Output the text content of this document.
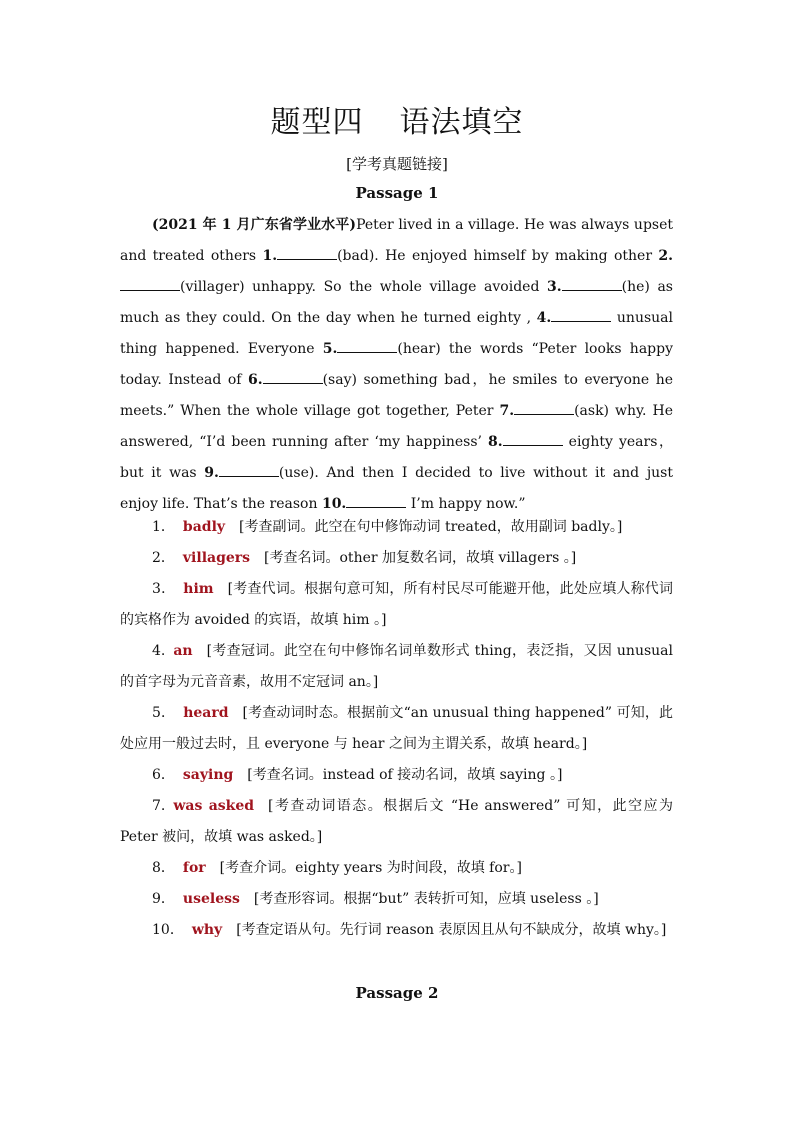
题型四 语法填空
[学考真题链接]
Passage 1

(2021 年 1 月广东省学业水平)Peter lived in a village. He was always upset and treated others 1.	(bad). He enjoyed himself by making other 2.(villager) unhappy. So the whole village avoided 3.	(he) as much as they could. On the day when he turned eighty , 4.	unusual thing happened. Everyone 5.	(hear) the words “Peter looks happy today. Instead of 6.	(say) something bad，he smiles to everyone he meets.” When the whole village got together, Peter 7.	(ask) why. He answered, “I’d been running after ‘my happiness’ 8.	eighty years，but it was 9.	(use). And then I decided to live without it and just enjoy life. That’s the reason 10.	I’m happy now.”

1． badly [考查副词。此空在句中修饰动词 treated，故用副词 badly。]

2． villagers [考查名词。other 加复数名词，故填 villagers 。]

3． him [考查代词。根据句意可知，所有村民尽可能避开他，此处应填人称代词的宾格作为 avoided 的宾语，故填 him 。]

4. an [考查冠词。此空在句中修饰名词单数形式 thing，表泛指，又因 unusual 的首字母为元音音素，故用不定冠词 an。]

5． heard [考查动词时态。根据前文“an unusual thing happened” 可知，此处应用一般过去时，且 everyone 与 hear 之间为主谓关系，故填 heard。]

6． saying [考查名词。instead of 接动名词，故填 saying 。]

7. was asked [考查动词语态。根据后文 “He answered” 可知，此空应为 Peter 被问，故填 was asked。]

8． for [考查介词。eighty years 为时间段，故填 for。]

9． useless [考查形容词。根据“but” 表转折可知，应填 useless 。]

10． why [考查定语从句。先行词 reason 表原因且从句不缺成分，故填 why。]

Passage 2
